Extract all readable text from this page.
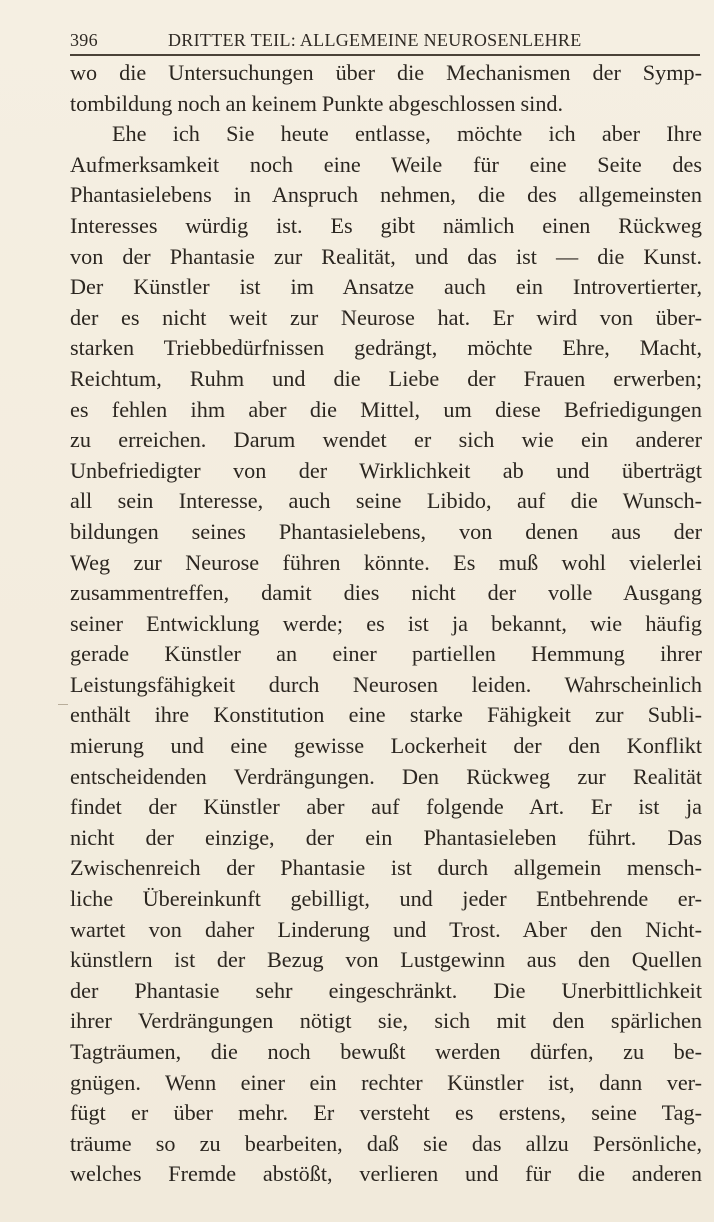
396	DRITTER TEIL: ALLGEMEINE NEUROSENLEHRE
wo die Untersuchungen über die Mechanismen der Symp-
tombildung noch an keinem Punkte abgeschlossen sind.
Ehe ich Sie heute entlasse, möchte ich aber Ihre
Aufmerksamkeit noch eine Weile für eine Seite des
Phantasielebens in Anspruch nehmen, die des allgemeinsten
Interesses würdig ist. Es gibt nämlich einen Rückweg
von der Phantasie zur Realität, und das ist — die Kunst.
Der Künstler ist im Ansatze auch ein Introvertierter,
der es nicht weit zur Neurose hat. Er wird von über-
starken Triebbedürfnissen gedrängt, möchte Ehre, Macht,
Reichtum, Ruhm und die Liebe der Frauen erwerben;
es fehlen ihm aber die Mittel, um diese Befriedigungen
zu erreichen. Darum wendet er sich wie ein anderer
Unbefriedigter von der Wirklichkeit ab und überträgt
all sein Interesse, auch seine Libido, auf die Wunsch-
bildungen seines Phantasielebens, von denen aus der
Weg zur Neurose führen könnte. Es muß wohl vielerlei
zusammentreffen, damit dies nicht der volle Ausgang
seiner Entwicklung werde; es ist ja bekannt, wie häufig
gerade Künstler an einer partiellen Hemmung ihrer
Leistungsfähigkeit durch Neurosen leiden. Wahrscheinlich
enthält ihre Konstitution eine starke Fähigkeit zur Subli-
mierung und eine gewisse Lockerheit der den Konflikt
entscheidenden Verdrängungen. Den Rückweg zur Realität
findet der Künstler aber auf folgende Art. Er ist ja
nicht der einzige, der ein Phantasieleben führt. Das
Zwischenreich der Phantasie ist durch allgemein mensch-
liche Übereinkunft gebilligt, und jeder Entbehrende er-
wartet von daher Linderung und Trost. Aber den Nicht-
künstlern ist der Bezug von Lustgewinn aus den Quellen
der Phantasie sehr eingeschränkt. Die Unerbittlichkeit
ihrer Verdrängungen nötigt sie, sich mit den spärlichen
Tagträumen, die noch bewußt werden dürfen, zu be-
gnügen. Wenn einer ein rechter Künstler ist, dann ver-
fügt er über mehr. Er versteht es erstens, seine Tag-
träume so zu bearbeiten, daß sie das allzu Persönliche,
welches Fremde abstößt, verlieren und für die anderen
